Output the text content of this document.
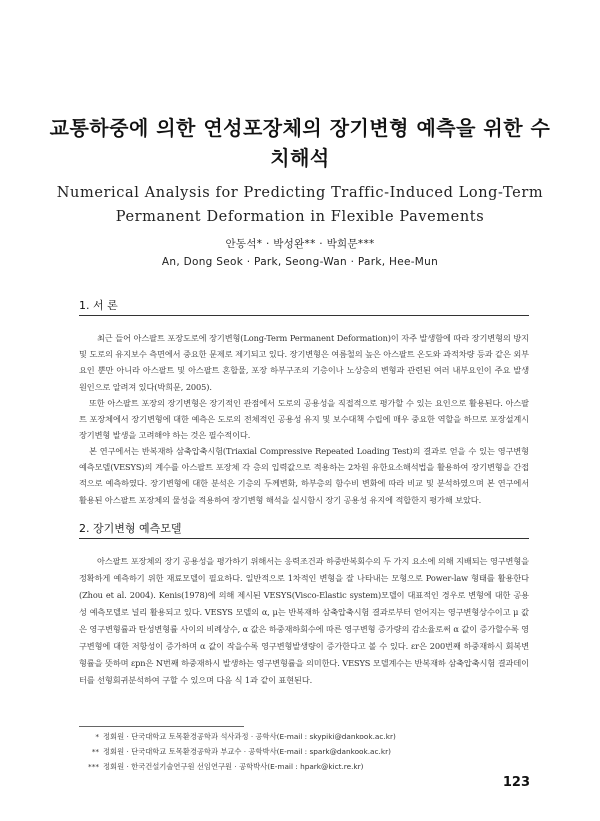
교통하중에 의한 연성포장체의 장기변형 예측을 위한 수치해석
Numerical Analysis for Predicting Traffic-Induced Long-Term Permanent Deformation in Flexible Pavements
안동석* · 박성완** · 박희문***
An, Dong Seok · Park, Seong-Wan · Park, Hee-Mun
1. 서 론

최근 들어 아스팔트 포장도로에 장기변형(Long-Term Permanent Deformation)이 자주 발생함에 따라 장기변형의 방지 및 도로의 유지보수 측면에서 중요한 문제로 제기되고 있다. 장기변형은 여름철의 높은 아스팔트 온도와 과적차량 등과 같은 외부요인 뿐만 아니라 아스팔트 및 아스팔트 혼합물, 포장 하부구조의 기층이나 노상층의 변형과 관련된 여러 내부요인이 주요 발생 원인으로 알려져 있다(박희문, 2005).

또한 아스팔트 포장의 장기변형은 장기적인 관점에서 도로의 공용성을 직접적으로 평가할 수 있는 요인으로 활용된다. 아스팔트 포장체에서 장기변형에 대한 예측은 도로의 전체적인 공용성 유지 및 보수대책 수립에 매우 중요한 역할을 하므로 포장설계시 장기변형 발생을 고려해야 하는 것은 필수적이다.

본 연구에서는 반복재하 삼축압축시험(Triaxial Compressive Repeated Loading Test)의 결과로 얻을 수 있는 영구변형 예측모델(VESYS)의 계수를 아스팔트 포장체 각 층의 입력값으로 적용하는 2차원 유한요소해석법을 활용하여 장기변형을 간접적으로 예측하였다. 장기변형에 대한 분석은 기층의 두께변화, 하부층의 함수비 변화에 따라 비교 및 분석하였으며 본 연구에서 활용된 아스팔트 포장체의 물성을 적용하여 장기변형 해석을 실시함시 장기 공용성 유지에 적합한지 평가해 보았다.

2. 장기변형 예측모델

아스팔트 포장체의 장기 공용성을 평가하기 위해서는 응력조건과 하중반복회수의 두 가지 요소에 의해 지배되는 영구변형을 정확하게 예측하기 위한 재료모델이 필요하다. 일반적으로 1차적인 변형을 잘 나타내는 모형으로 Power-law 형태를 활용한다(Zhou et al. 2004). Kenis(1978)에 의해 제시된 VESYS(Visco-Elastic system)모델이 대표적인 경우로 변형에 대한 공용성 예측모델로 널리 활용되고 있다. VESYS 모델의 α, μ는 반복재하 삼축압축시험 결과로부터 얻어지는 영구변형상수이고 μ 값은 영구변형률과 탄성변형률 사이의 비례상수, α 값은 하중재하회수에 따른 영구변형 증가량의 감소율로써 α 값이 증가할수록 영구변형에 대한 저항성이 증가하며 α 값이 작을수록 영구변형발생량이 증가한다고 볼 수 있다. εr은 200번째 하중재하시 회복변형률을 뜻하며 εpn은 N번째 하중재하시 발생하는 영구변형률을 의미한다. VESYS 모델계수는 반복재하 삼축압축시험 결과데이터를 선형회귀분석하여 구할 수 있으며 다음 식 1과 같이 표현된다.

* 정회원 · 단국대학교 토목환경공학과 석사과정 · 공학사(E-mail : skypiki@dankook.ac.kr)
** 정회원 · 단국대학교 토목환경공학과 부교수 · 공학박사(E-mail : spark@dankook.ac.kr)
*** 정회원 · 한국건설기술연구원 선임연구원 · 공학박사(E-mail : hpark@kict.re.kr)
123
